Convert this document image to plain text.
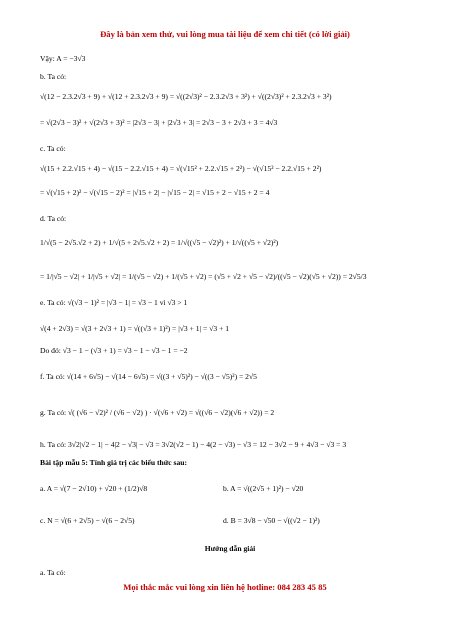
Đây là bản xem thử, vui lòng mua tài liệu để xem chi tiết (có lời giải)
Vậy: A = −3√3
b. Ta có:
√(12 − 2.3.2√3 + 9) + √(12 + 2.3.2√3 + 9) = √((2√3)² − 2.3.2√3 + 3²) + √((2√3)² + 2.3.2√3 + 3²)
= √(2√3 − 3)² + √(2√3 + 3)² = |2√3 − 3| + |2√3 + 3| = 2√3 − 3 + 2√3 + 3 = 4√3
c. Ta có:
√(15 + 2.2.√15 + 4) − √(15 − 2.2.√15 + 4) = √(√15² + 2.2.√15 + 2²) − √(√15² − 2.2.√15 + 2²)
= √(√15 + 2)² − √(√15 − 2)² = |√15 + 2| − |√15 − 2| = √15 + 2 − √15 + 2 = 4
d. Ta có:
1/√(5 − 2√5.√2 + 2) + 1/√(5 + 2√5.√2 + 2) = 1/√((√5 − √2)²) + 1/√((√5 + √2)²)
= 1/|√5 − √2| + 1/|√5 + √2| = 1/(√5 − √2) + 1/(√5 + √2) = (√5 + √2 + √5 − √2)/((√5 − √2)(√5 + √2)) = 2√5/3
e. Ta có: √(√3 − 1)² = |√3 − 1| = √3 − 1 vì √3 > 1
√(4 + 2√3) = √(3 + 2√3 + 1) = √((√3 + 1)²) = |√3 + 1| = √3 + 1
Do đó: √3 − 1 − (√3 + 1) = √3 − 1 − √3 − 1 = −2
f. Ta có: √(14 + 6√5) − √(14 − 6√5) = √((3 + √5)²) − √((3 − √5)²) = 2√5
g. Ta có: √( (√6 − √2)² / (√6 − √2) ) · √(√6 + √2) = √((√6 − √2)(√6 + √2)) = 2
h. Ta có: 3√2|√2 − 1| − 4|2 − √3| − √3 = 3√2(√2 − 1) − 4(2 − √3) − √3 = 12 − 3√2 − 9 + 4√3 − √3 = 3
Bài tập mẫu 5: Tính giá trị các biểu thức sau:
a. A = √(7 − 2√10) + √20 + (1/2)√8	b. A = √((2√5 + 1)²) − √20
c. N = √(6 + 2√5) − √(6 − 2√5)	d. B = 3√8 − √50 − √((√2 − 1)²)
Hướng dẫn giải
a. Ta có:
Mọi thắc mắc vui lòng xin liên hệ hotline: 084 283 45 85
